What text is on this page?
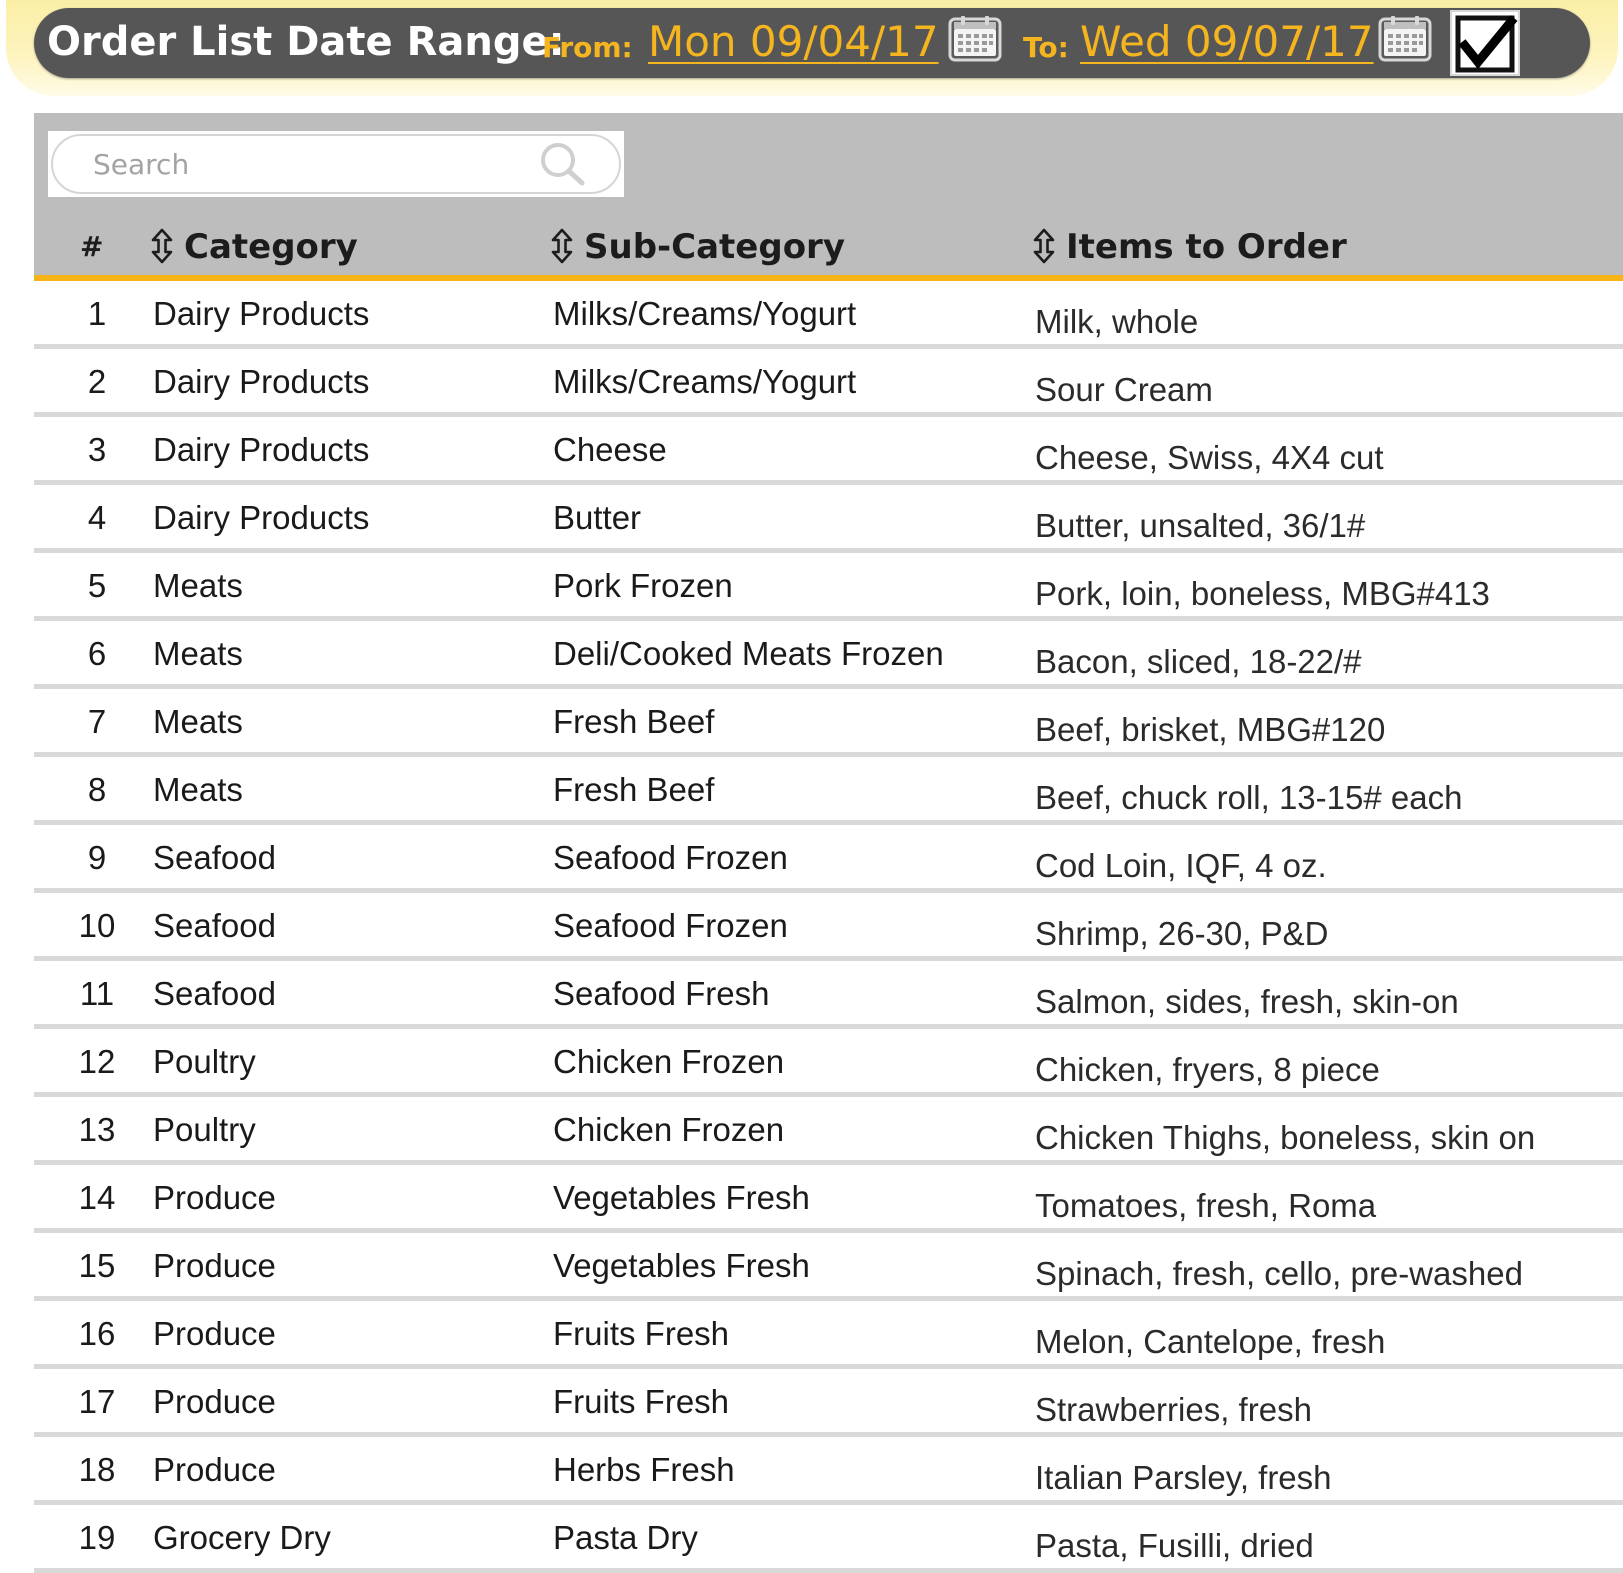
Order List Date Range:
From: Mon 09/04/17	To: Wed 09/07/17
Search
#	Category	Sub-Category	Items to Order
1	Dairy Products	Milks/Creams/Yogurt	Milk, whole
2	Dairy Products	Milks/Creams/Yogurt	Sour Cream
3	Dairy Products	Cheese	Cheese, Swiss, 4X4 cut
4	Dairy Products	Butter	Butter, unsalted, 36/1#
5	Meats	Pork Frozen	Pork, loin, boneless, MBG#413
6	Meats	Deli/Cooked Meats Frozen	Bacon, sliced, 18-22/#
7	Meats	Fresh Beef	Beef, brisket, MBG#120
8	Meats	Fresh Beef	Beef, chuck roll, 13-15# each
9	Seafood	Seafood Frozen	Cod Loin, IQF, 4 oz.
10 Seafood	Seafood Frozen	Shrimp, 26-30, P&D
11 Seafood	Seafood Fresh	Salmon, sides, fresh, skin-on
12 Poultry	Chicken Frozen	Chicken, fryers, 8 piece
13 Poultry	Chicken Frozen	Chicken Thighs, boneless, skin on
14 Produce	Vegetables Fresh	Tomatoes, fresh, Roma
15 Produce	Vegetables Fresh	Spinach, fresh, cello, pre-washed
16 Produce	Fruits Fresh	Melon, Cantelope, fresh
17 Produce	Fruits Fresh	Strawberries, fresh
18 Produce	Herbs Fresh	Italian Parsley, fresh
19 Grocery Dry	Pasta Dry	Pasta, Fusilli, dried
